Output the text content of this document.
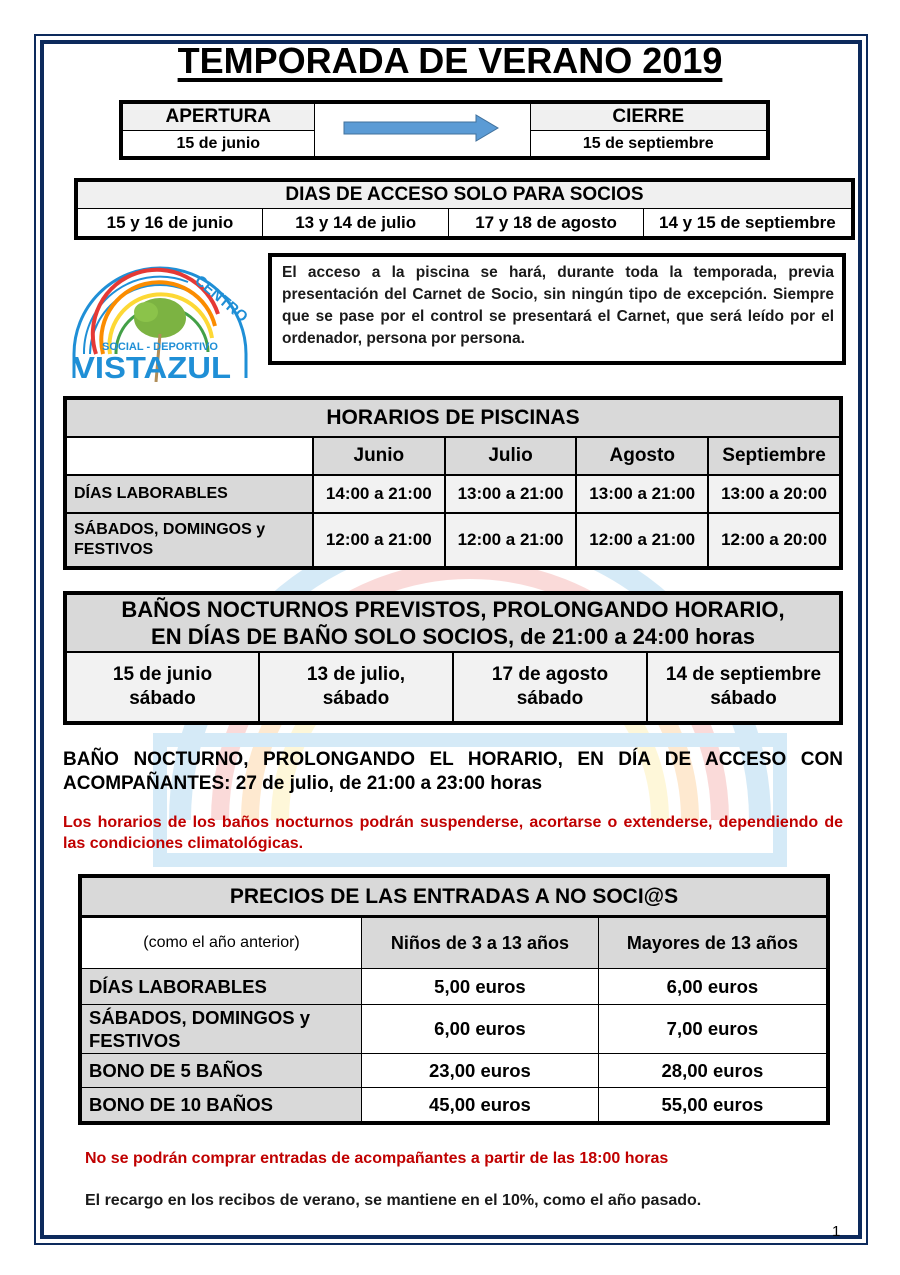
TEMPORADA DE VERANO 2019
APERTURA		CIERRE
15 de junio		15 de septiembre
DIAS DE ACCESO SOLO PARA SOCIOS
15 y 16 de junio	13 y 14 de julio	17 y 18 de agosto	14 y 15 de septiembre
CENTRO
SOCIAL - DEPORTIVO
VISTAZUL
El acceso a la piscina se hará, durante toda la temporada, previa presentación del Carnet de Socio, sin ningún tipo de excepción. Siempre que se pase por el control se presentará el Carnet, que será leído por el ordenador, persona por persona.
HORARIOS DE PISCINAS				
	Junio	Julio	Agosto	Septiembre
DÍAS LABORABLES	14:00 a 21:00	13:00 a 21:00	13:00 a 21:00	13:00 a 20:00
SÁBADOS, DOMINGOS y FESTIVOS	12:00 a 21:00	12:00 a 21:00	12:00 a 21:00	12:00 a 20:00
BAÑOS NOCTURNOS PREVISTOS, PROLONGANDO HORARIO,
EN DÍAS DE BAÑO SOLO SOCIOS, de 21:00 a 24:00 horas

15 de junio
sábado

13 de julio,
sábado

17 de agosto
sábado

14 de septiembre
sábado
BAÑO NOCTURNO, PROLONGANDO EL HORARIO, EN DÍA DE ACCESO CON ACOMPAÑANTES: 27 de julio, de 21:00 a 23:00 horas
Los horarios de los baños nocturnos podrán suspenderse, acortarse o extenderse, dependiendo de las condiciones climatológicas.
PRECIOS DE LAS ENTRADAS A NO SOCI@S		
(como el año anterior)	Niños de 3 a 13 años	Mayores de 13 años
DÍAS LABORABLES	5,00 euros	6,00 euros
SÁBADOS, DOMINGOS y FESTIVOS	6,00 euros	7,00 euros
BONO DE 5 BAÑOS	23,00 euros	28,00 euros
BONO DE 10 BAÑOS	45,00 euros	55,00 euros
No se podrán comprar entradas de acompañantes a partir de las 18:00 horas
El recargo en los recibos de verano, se mantiene en el 10%, como el año pasado.
1
